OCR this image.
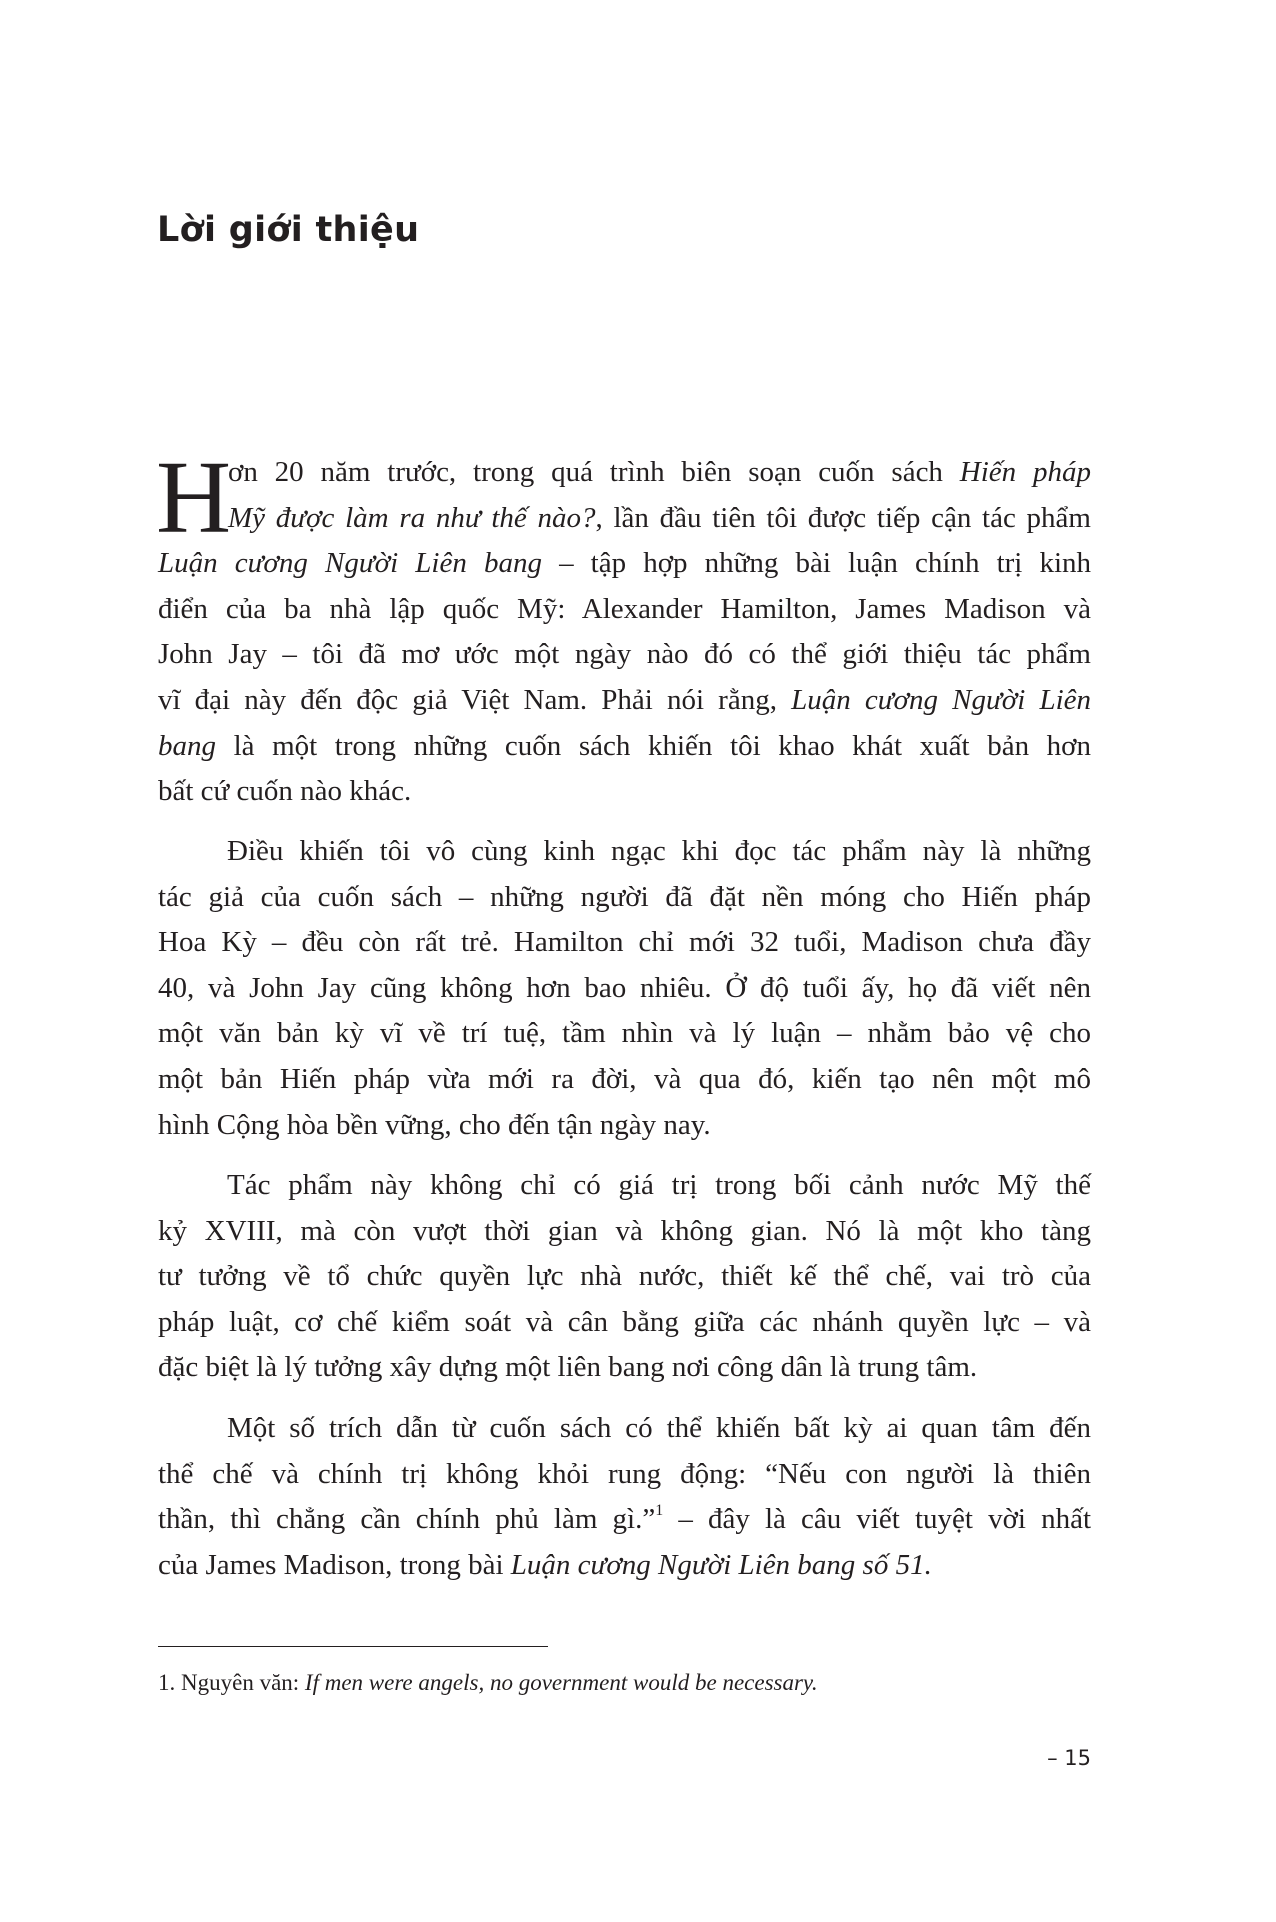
Lời giới thiệu
H
ơn 20 năm trước, trong quá trình biên soạn cuốn sách Hiến pháp
Mỹ được làm ra như thế nào?, lần đầu tiên tôi được tiếp cận tác phẩm
Luận cương Người Liên bang – tập hợp những bài luận chính trị kinh
điển của ba nhà lập quốc Mỹ: Alexander Hamilton, James Madison và
John Jay – tôi đã mơ ước một ngày nào đó có thể giới thiệu tác phẩm
vĩ đại này đến độc giả Việt Nam. Phải nói rằng, Luận cương Người Liên
bang là một trong những cuốn sách khiến tôi khao khát xuất bản hơn
bất cứ cuốn nào khác.
Điều khiến tôi vô cùng kinh ngạc khi đọc tác phẩm này là những
tác giả của cuốn sách – những người đã đặt nền móng cho Hiến pháp
Hoa Kỳ – đều còn rất trẻ. Hamilton chỉ mới 32 tuổi, Madison chưa đầy
40, và John Jay cũng không hơn bao nhiêu. Ở độ tuổi ấy, họ đã viết nên
một văn bản kỳ vĩ về trí tuệ, tầm nhìn và lý luận – nhằm bảo vệ cho
một bản Hiến pháp vừa mới ra đời, và qua đó, kiến tạo nên một mô
hình Cộng hòa bền vững, cho đến tận ngày nay.
Tác phẩm này không chỉ có giá trị trong bối cảnh nước Mỹ thế
kỷ XVIII, mà còn vượt thời gian và không gian. Nó là một kho tàng
tư tưởng về tổ chức quyền lực nhà nước, thiết kế thể chế, vai trò của
pháp luật, cơ chế kiểm soát và cân bằng giữa các nhánh quyền lực – và
đặc biệt là lý tưởng xây dựng một liên bang nơi công dân là trung tâm.
Một số trích dẫn từ cuốn sách có thể khiến bất kỳ ai quan tâm đến
thể chế và chính trị không khỏi rung động: “Nếu con người là thiên
thần, thì chẳng cần chính phủ làm gì.”$^1$ – đây là câu viết tuyệt vời nhất
của James Madison, trong bài Luận cương Người Liên bang số 51.
1. Nguyên văn: If men were angels, no government would be necessary.
– 15
